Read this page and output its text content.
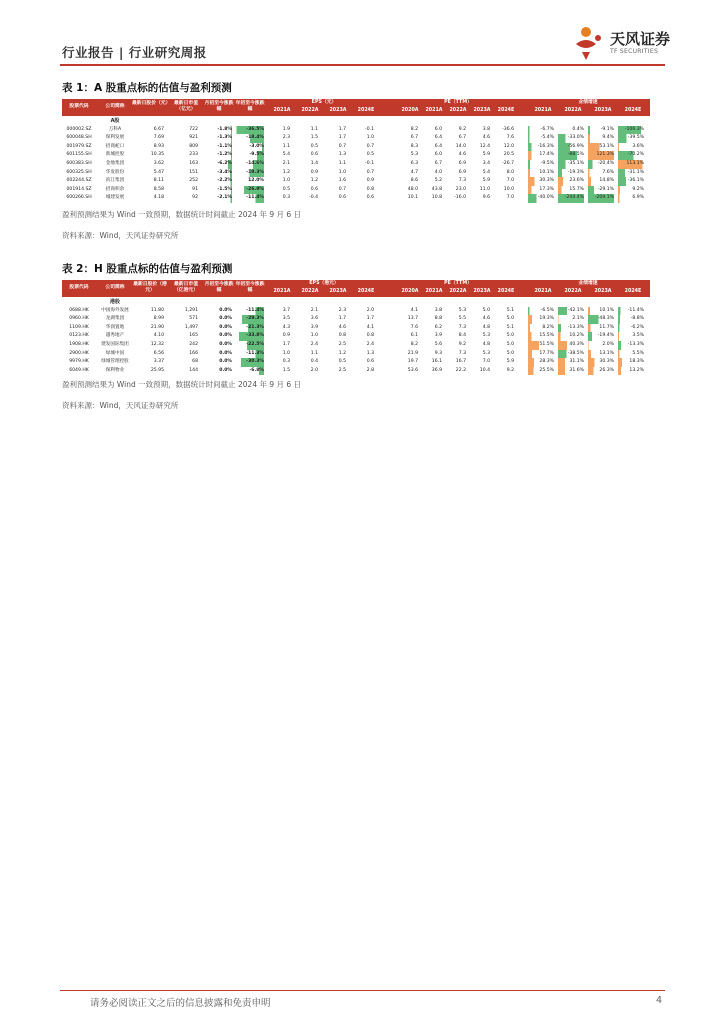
行业报告 | 行业研究周报
天风证券
TF SECURITIES
表 1：A 股重点标的估值与盈利预测
股票代码	公司简称
最新日股价（元） 最新日市值（亿元）
月初至今涨跌幅
年初至今涨跌幅
EPS（元）	PE（TTM）	业绩增速
2021A	2022A	2023A	2024E	2020A	2021A	2022A	2023A	2024E	2021A	2022A	2023A	2024E
A股
000002.SZ	万科A	6.67	722	-1.8%	-36.5%	1.9	1.1	1.7	-0.1	8.2	6.0	9.2	3.8	-36.6	-6.7%	0.4%	-9.1%	-106.3%
600048.SH	保利发展	7.69	921	-1.3%	-18.4%	2.3	1.5	1.7	1.0	6.7	6.4	6.7	4.6	7.6	-5.4%	-33.0%	9.4%	-39.5%
001979.SZ	招商蛇口	8.93	809	-1.1%	-3.0%	1.1	0.5	0.7	0.7	8.3	6.4	14.0	12.4	12.0	-16.3%	-56.9%	53.1%	3.6%
601155.SH	新城控股	10.35	233	-1.2%	-9.5%	5.4	0.6	1.3	0.5	5.3	6.0	4.6	5.9	20.5	17.4%	-88.5%	121.3%	-70.2%
600383.SH	金地集团	3.62	163	-6.2%	-14.6%	2.1	1.4	1.1	-0.1	6.3	6.7	6.9	3.4	-26.7	-9.5%	-35.1%	-20.4%	113.1%
600325.SH	华发股份	5.47	151	-3.4%	-19.3%	1.2	0.9	1.0	0.7	4.7	4.0	6.9	5.4	8.0	10.1%	-19.3%	7.6%	-31.1%
002244.SZ	滨江集团	8.11	252	-2.2%	12.0%	1.0	1.2	1.6	0.9	8.6	5.2	7.3	5.9	7.0	30.3%	23.6%	14.8%	-36.1%
001914.SZ	招商积余	8.58	91	-1.5%	-26.9%	0.5	0.6	0.7	0.8	48.0	43.8	23.0	11.0	10.0	17.3%	15.7%	-29.1%	9.2%
600266.SH	城建发展	4.18	92	-2.1%	-11.4%	0.3	-0.4	0.6	0.6	10.1	10.8	-16.0	9.6	7.0	-40.0%	-244.4%	-209.1%	6.9%
盈利预测结果为 Wind 一致预期，数据统计时间截止 2024 年 9 月 6 日
资料来源：Wind，天风证券研究所
表 2：H 股重点标的估值与盈利预测
股票代码	公司简称
最新日股价（港元）
最新日市值（亿港元）
月初至今涨跌幅
年初至今涨跌幅
EPS（港元）	PE（TTM）	业绩增速
2021A	2022A	2023A	2024E	2020A	2021A	2022A	2023A	2024E	2021A	2022A	2023A	2024E
港股
0688.HK	中国海外发展	11.80	1,291	0.0%	-11.4%	3.7	2.1	2.3	2.0	4.1	3.8	5.3	5.0	5.1	-6.5%	-42.1%	10.1%	-11.4%
0960.HK	龙湖集团	8.99	571	0.0%	-29.3%	3.5	3.6	1.7	1.7	13.7	8.8	5.5	4.6	5.0	19.3%	2.1%	-48.3%	-8.8%
1109.HK	华润置地	21.90	1,497	0.0%	-21.3%	4.3	3.9	4.6	4.1	7.6	6.2	7.3	4.8	5.1	8.2%	-13.3%	11.7%	-6.2%
0123.HK	越秀地产	4.10	165	0.0%	-33.8%	0.9	1.0	0.8	0.8	6.1	3.9	8.4	5.3	5.0	15.5%	10.2%	-19.4%	3.5%
1908.HK	建发国际集团	12.32	242	0.0%	-22.5%	1.7	2.4	2.5	2.4	8.2	5.6	9.2	4.8	5.0	51.5%	40.3%	2.0%	-13.3%
2900.HK	绿城中国	6.56	166	0.0%	-11.3%	1.0	1.1	1.2	1.3	21.9	9.3	7.3	5.3	5.0	17.7%	-38.5%	13.1%	5.5%
9979.HK	绿城管理控股	3.37	68	0.0%	-30.3%	0.3	0.4	0.5	0.6	19.7	16.1	16.7	7.0	5.9	28.3%	31.1%	30.3%	18.3%
6049.HK	保利物业	25.95	144	0.0%	-6.8%	1.5	2.0	2.5	2.8	53.6	36.9	22.2	10.4	9.2	25.5%	31.6%	26.3%	13.2%
盈利预测结果为 Wind 一致预期，数据统计时间截止 2024 年 9 月 6 日
资料来源：Wind，天风证券研究所
请务必阅读正文之后的信息披露和免责申明	4
